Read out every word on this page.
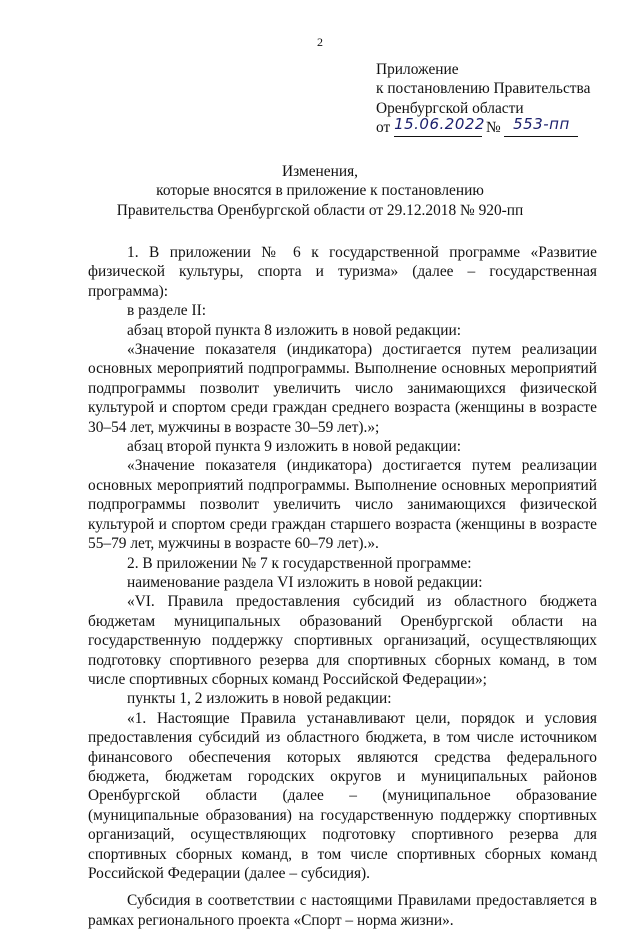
2
Приложение
к постановлению Правительства
Оренбургской области
от 15.06.2022 № 553-пп
Изменения,
которые вносятся в приложение к постановлению
Правительства Оренбургской области от 29.12.2018 № 920-пп

1. В приложении № 6 к государственной программе «Развитие физической культуры, спорта и туризма» (далее – государственная программа):

в разделе II:

абзац второй пункта 8 изложить в новой редакции:

«Значение показателя (индикатора) достигается путем реализации основных мероприятий подпрограммы. Выполнение основных мероприятий подпрограммы позволит увеличить число занимающихся физической культурой и спортом среди граждан среднего возраста (женщины в возрасте 30–54 лет, мужчины в возрасте 30–59 лет).»;

абзац второй пункта 9 изложить в новой редакции:

«Значение показателя (индикатора) достигается путем реализации основных мероприятий подпрограммы. Выполнение основных мероприятий подпрограммы позволит увеличить число занимающихся физической культурой и спортом среди граждан старшего возраста (женщины в возрасте 55–79 лет, мужчины в возрасте 60–79 лет).».

2. В приложении № 7 к государственной программе:

наименование раздела VI изложить в новой редакции:

«VI. Правила предоставления субсидий из областного бюджета бюджетам муниципальных образований Оренбургской области на государственную поддержку спортивных организаций, осуществляющих подготовку спортивного резерва для спортивных сборных команд, в том числе спортивных сборных команд Российской Федерации»;

пункты 1, 2 изложить в новой редакции:

«1. Настоящие Правила устанавливают цели, порядок и условия предоставления субсидий из областного бюджета, в том числе источником финансового обеспечения которых являются средства федерального бюджета, бюджетам городских округов и муниципальных районов Оренбургской области (далее – (муниципальное образование (муниципальные образования) на государственную поддержку спортивных организаций, осуществляющих подготовку спортивного резерва для спортивных сборных команд, в том числе спортивных сборных команд Российской Федерации (далее – субсидия).

Субсидия в соответствии с настоящими Правилами предоставляется в рамках регионального проекта «Спорт – норма жизни».
